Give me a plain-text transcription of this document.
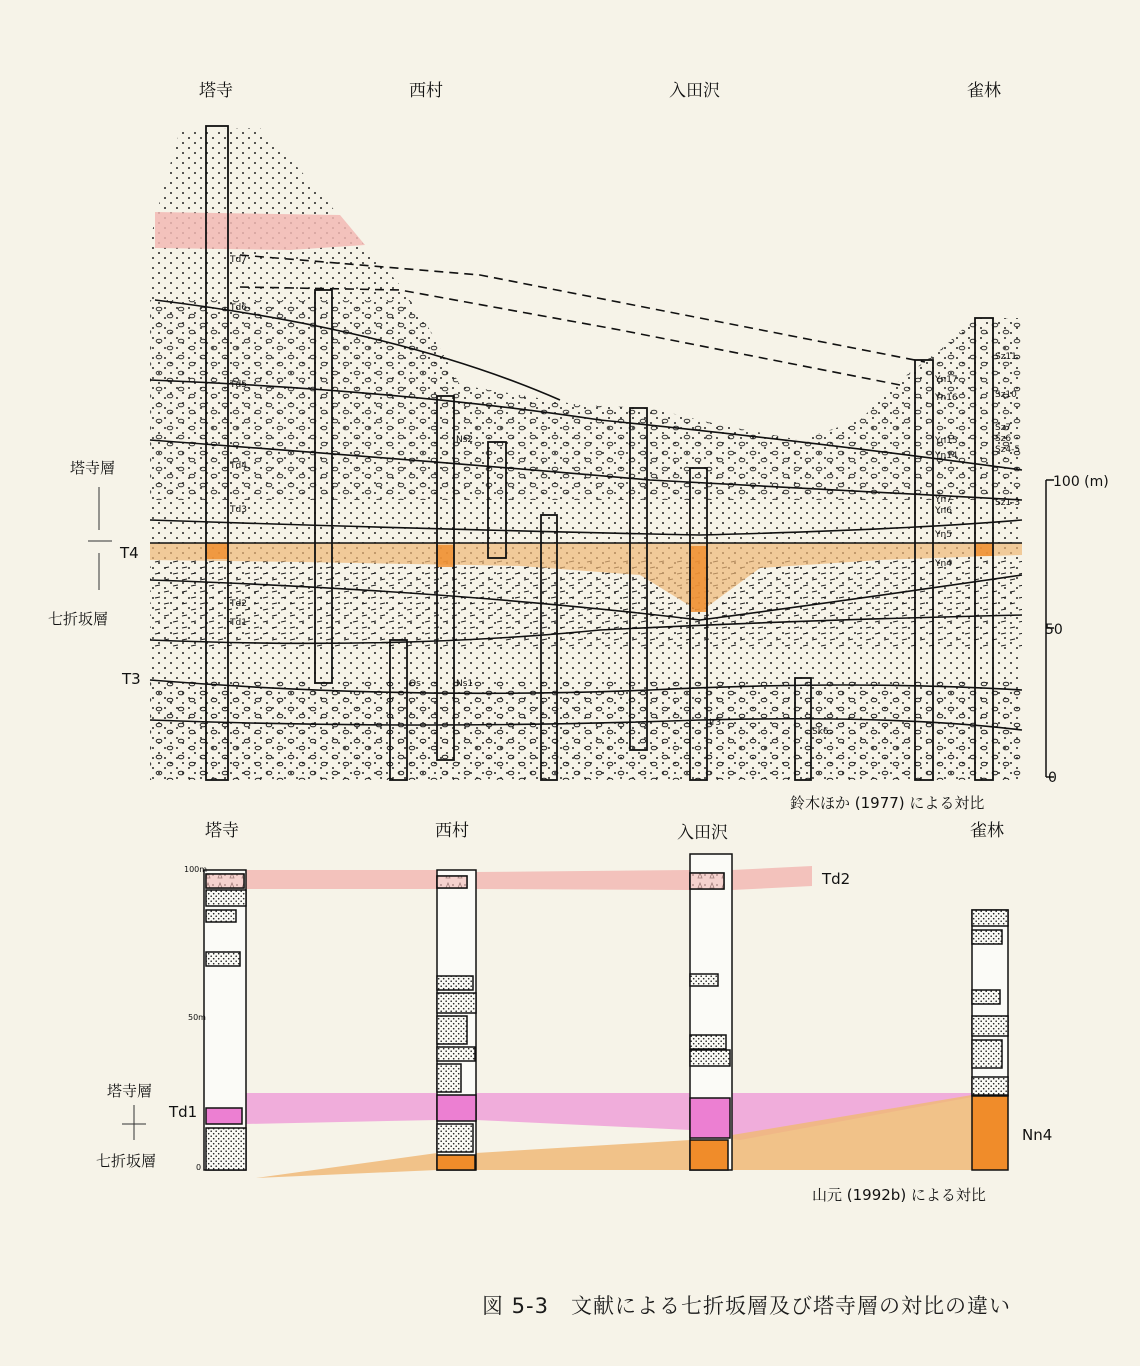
塔寺	西村	入田沢	雀林
Td7
Td6
Td5
Td4
Td3
Td2
Td1
Ns2
Ns1
Os
Ir3
Sk6
Yn17
Yn16
Yn15
Yn14
Yn7
Yn6
Yn5
Yn4
Sz11
Sz10
Sz7
Sz6
Sz4-5
Sz1-3
塔寺層
T4
七折坂層
T3
100 (m)
50
0
鈴木ほか (1977) による対比
塔寺	西村	入田沢	雀林
100m
50m
0
Td2
Td1
Nn4
塔寺層
七折坂層
山元 (1992b) による対比
図 5-3 文献による七折坂層及び塔寺層の対比の違い
